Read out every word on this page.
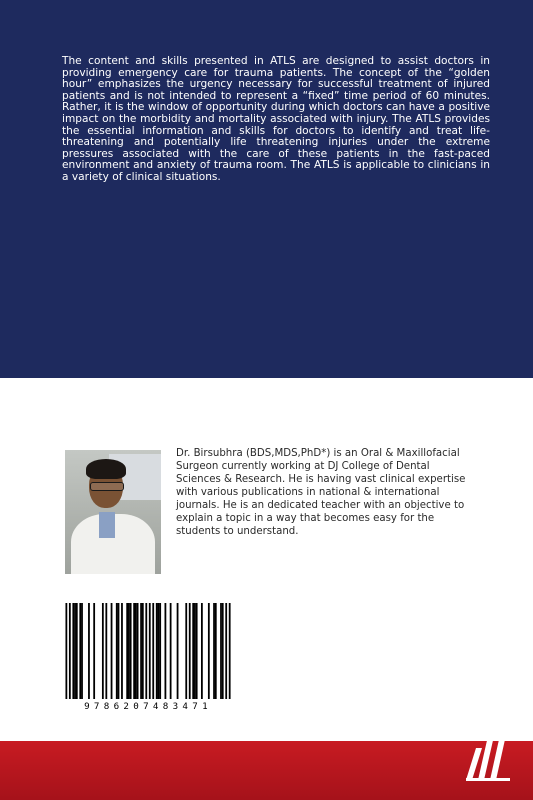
The content and skills presented in ATLS are designed to assist doctors in providing emergency care for trauma patients. The concept of the “golden hour” emphasizes the urgency necessary for successful treatment of injured patients and is not intended to represent a “fixed” time period of 60 minutes. Rather, it is the window of opportunity during which doctors can have a positive impact on the morbidity and mortality associated with injury. The ATLS provides the essential information and skills for doctors to identify and treat life-threatening and potentially life threatening injuries under the extreme pressures associated with the care of these patients in the fast-paced environment and anxiety of trauma room. The ATLS is applicable to clinicians in a variety of clinical situations.

Dr. Birsubhra (BDS,MDS,PhD*) is an Oral & Maxillofacial Surgeon currently working at DJ College of Dental Sciences & Research. He is having vast clinical expertise with various publications in national & international journals. He is an dedicated teacher with an objective to explain a topic in a way that becomes easy for the students to understand.

9786207483471
